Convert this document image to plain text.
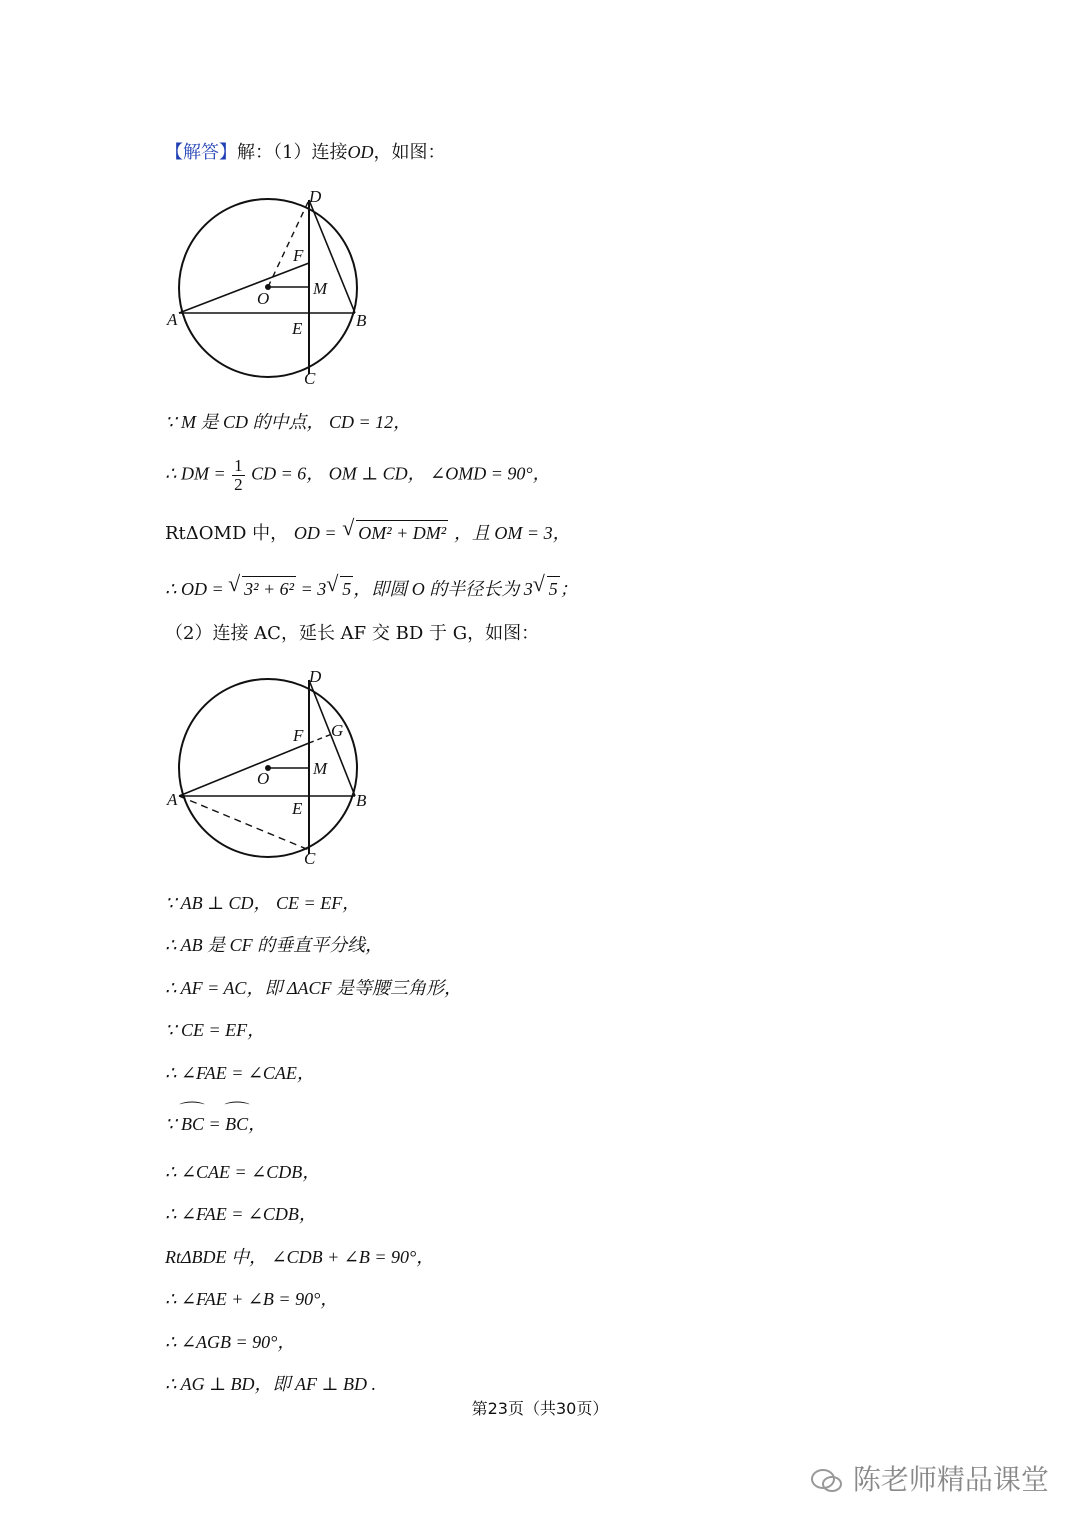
【解答】解：（1）连接OD，如图：
D
F
O
M
A	E	B
C
∵ M 是 CD 的中点， CD = 12，
∴ DM = $\frac{1}{2}$ CD = 6， OM ⊥ CD， ∠OMD = 90°，
RtΔOMD 中， OD = √ OM² + DM² ，且 OM = 3，
∴ OD = √ 3² + 6² = 3 √ 5 ，即圆 O 的半径长为 3 √ 5 ；
（2）连接 AC，延长 AF 交 BD 于 G，如图：
D
F G
O
M
A	E	B
C
∵ AB ⊥ CD， CE = EF，
∴ AB 是 CF 的垂直平分线，
∴ AF = AC，即 ΔACF 是等腰三角形，
∵ CE = EF，
∴ ∠FAE = ∠CAE，
∵ ⌒ BC = ⌒ BC，
∴ ∠CAE = ∠CDB，
∴ ∠FAE = ∠CDB，
RtΔBDE 中， ∠CDB + ∠B = 90°，
∴ ∠FAE + ∠B = 90°，
∴ ∠AGB = 90°，
∴ AG ⊥ BD，即 AF ⊥ BD .
第23页（共30页）
陈老师精品课堂
